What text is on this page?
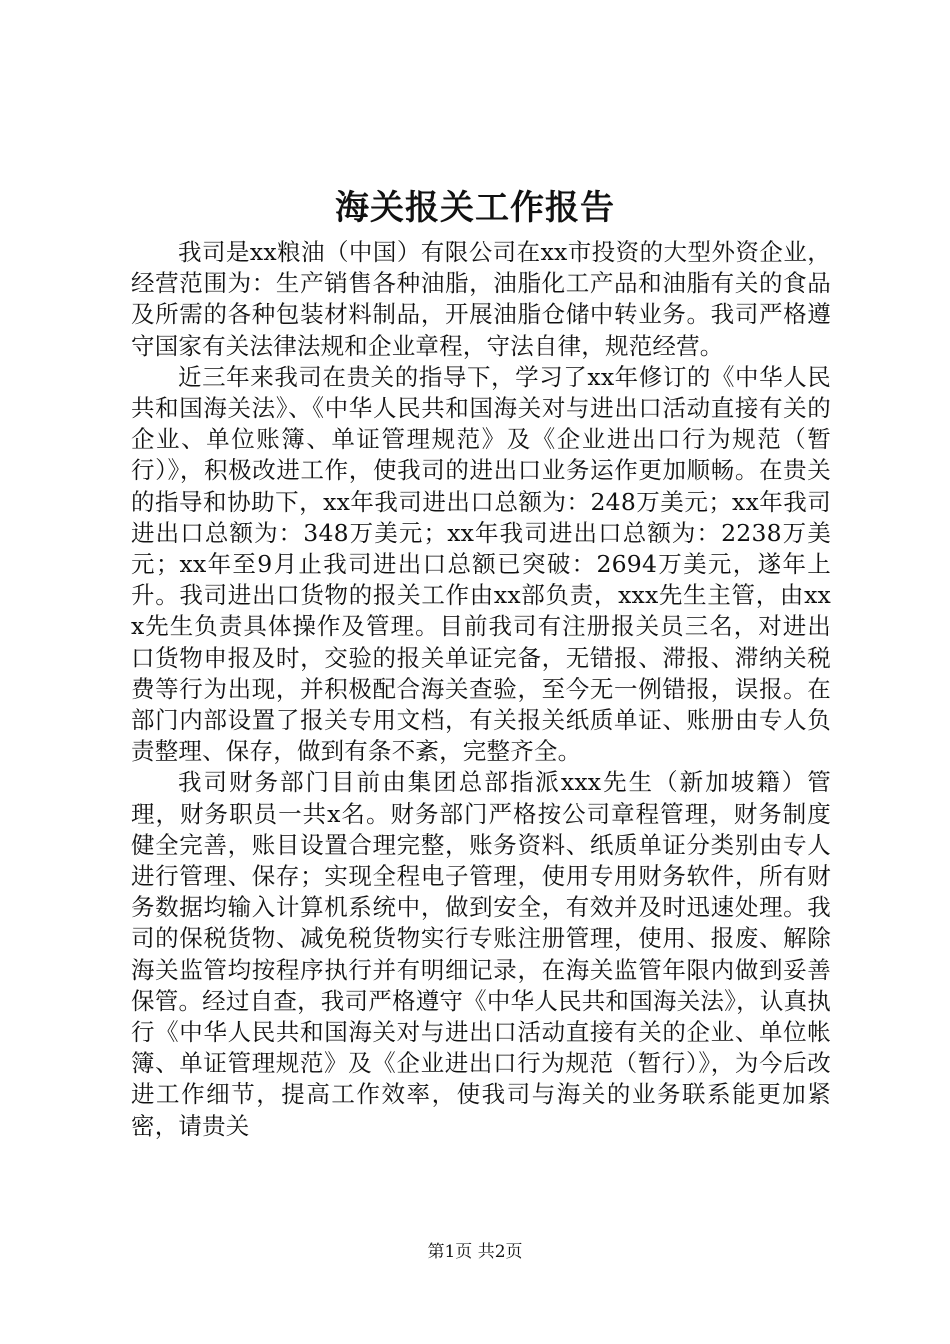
海关报关工作报告

我司是xx粮油（中国）有限公司在xx市投资的大型外资企业，经营范围为：生产销售各种油脂，油脂化工产品和油脂有关的食品及所需的各种包装材料制品，开展油脂仓储中转业务。我司严格遵守国家有关法律法规和企业章程，守法自律，规范经营。

近三年来我司在贵关的指导下，学习了xx年修订的《中华人民共和国海关法》、《中华人民共和国海关对与进出口活动直接有关的企业、单位账簿、单证管理规范》及《企业进出口行为规范（暂行）》，积极改进工作，使我司的进出口业务运作更加顺畅。在贵关的指导和协助下，xx年我司进出口总额为：248万美元；xx年我司进出口总额为：348万美元；xx年我司进出口总额为：2238万美元；xx年至9月止我司进出口总额已突破：2694万美元，遂年上升。我司进出口货物的报关工作由xx部负责，xxx先生主管，由xxx先生负责具体操作及管理。目前我司有注册报关员三名，对进出口货物申报及时，交验的报关单证完备，无错报、滞报、滞纳关税费等行为出现，并积极配合海关查验，至今无一例错报，误报。在部门内部设置了报关专用文档，有关报关纸质单证、账册由专人负责整理、保存，做到有条不紊，完整齐全。

我司财务部门目前由集团总部指派xxx先生（新加坡籍）管理，财务职员一共x名。财务部门严格按公司章程管理，财务制度健全完善，账目设置合理完整，账务资料、纸质单证分类别由专人进行管理、保存；实现全程电子管理，使用专用财务软件，所有财务数据均输入计算机系统中，做到安全，有效并及时迅速处理。我司的保税货物、减免税货物实行专账注册管理，使用、报废、解除海关监管均按程序执行并有明细记录，在海关监管年限内做到妥善保管。经过自查，我司严格遵守《中华人民共和国海关法》，认真执行《中华人民共和国海关对与进出口活动直接有关的企业、单位帐簿、单证管理规范》及《企业进出口行为规范（暂行）》，为今后改进工作细节，提高工作效率，使我司与海关的业务联系能更加紧密，请贵关

第1页 共2页
